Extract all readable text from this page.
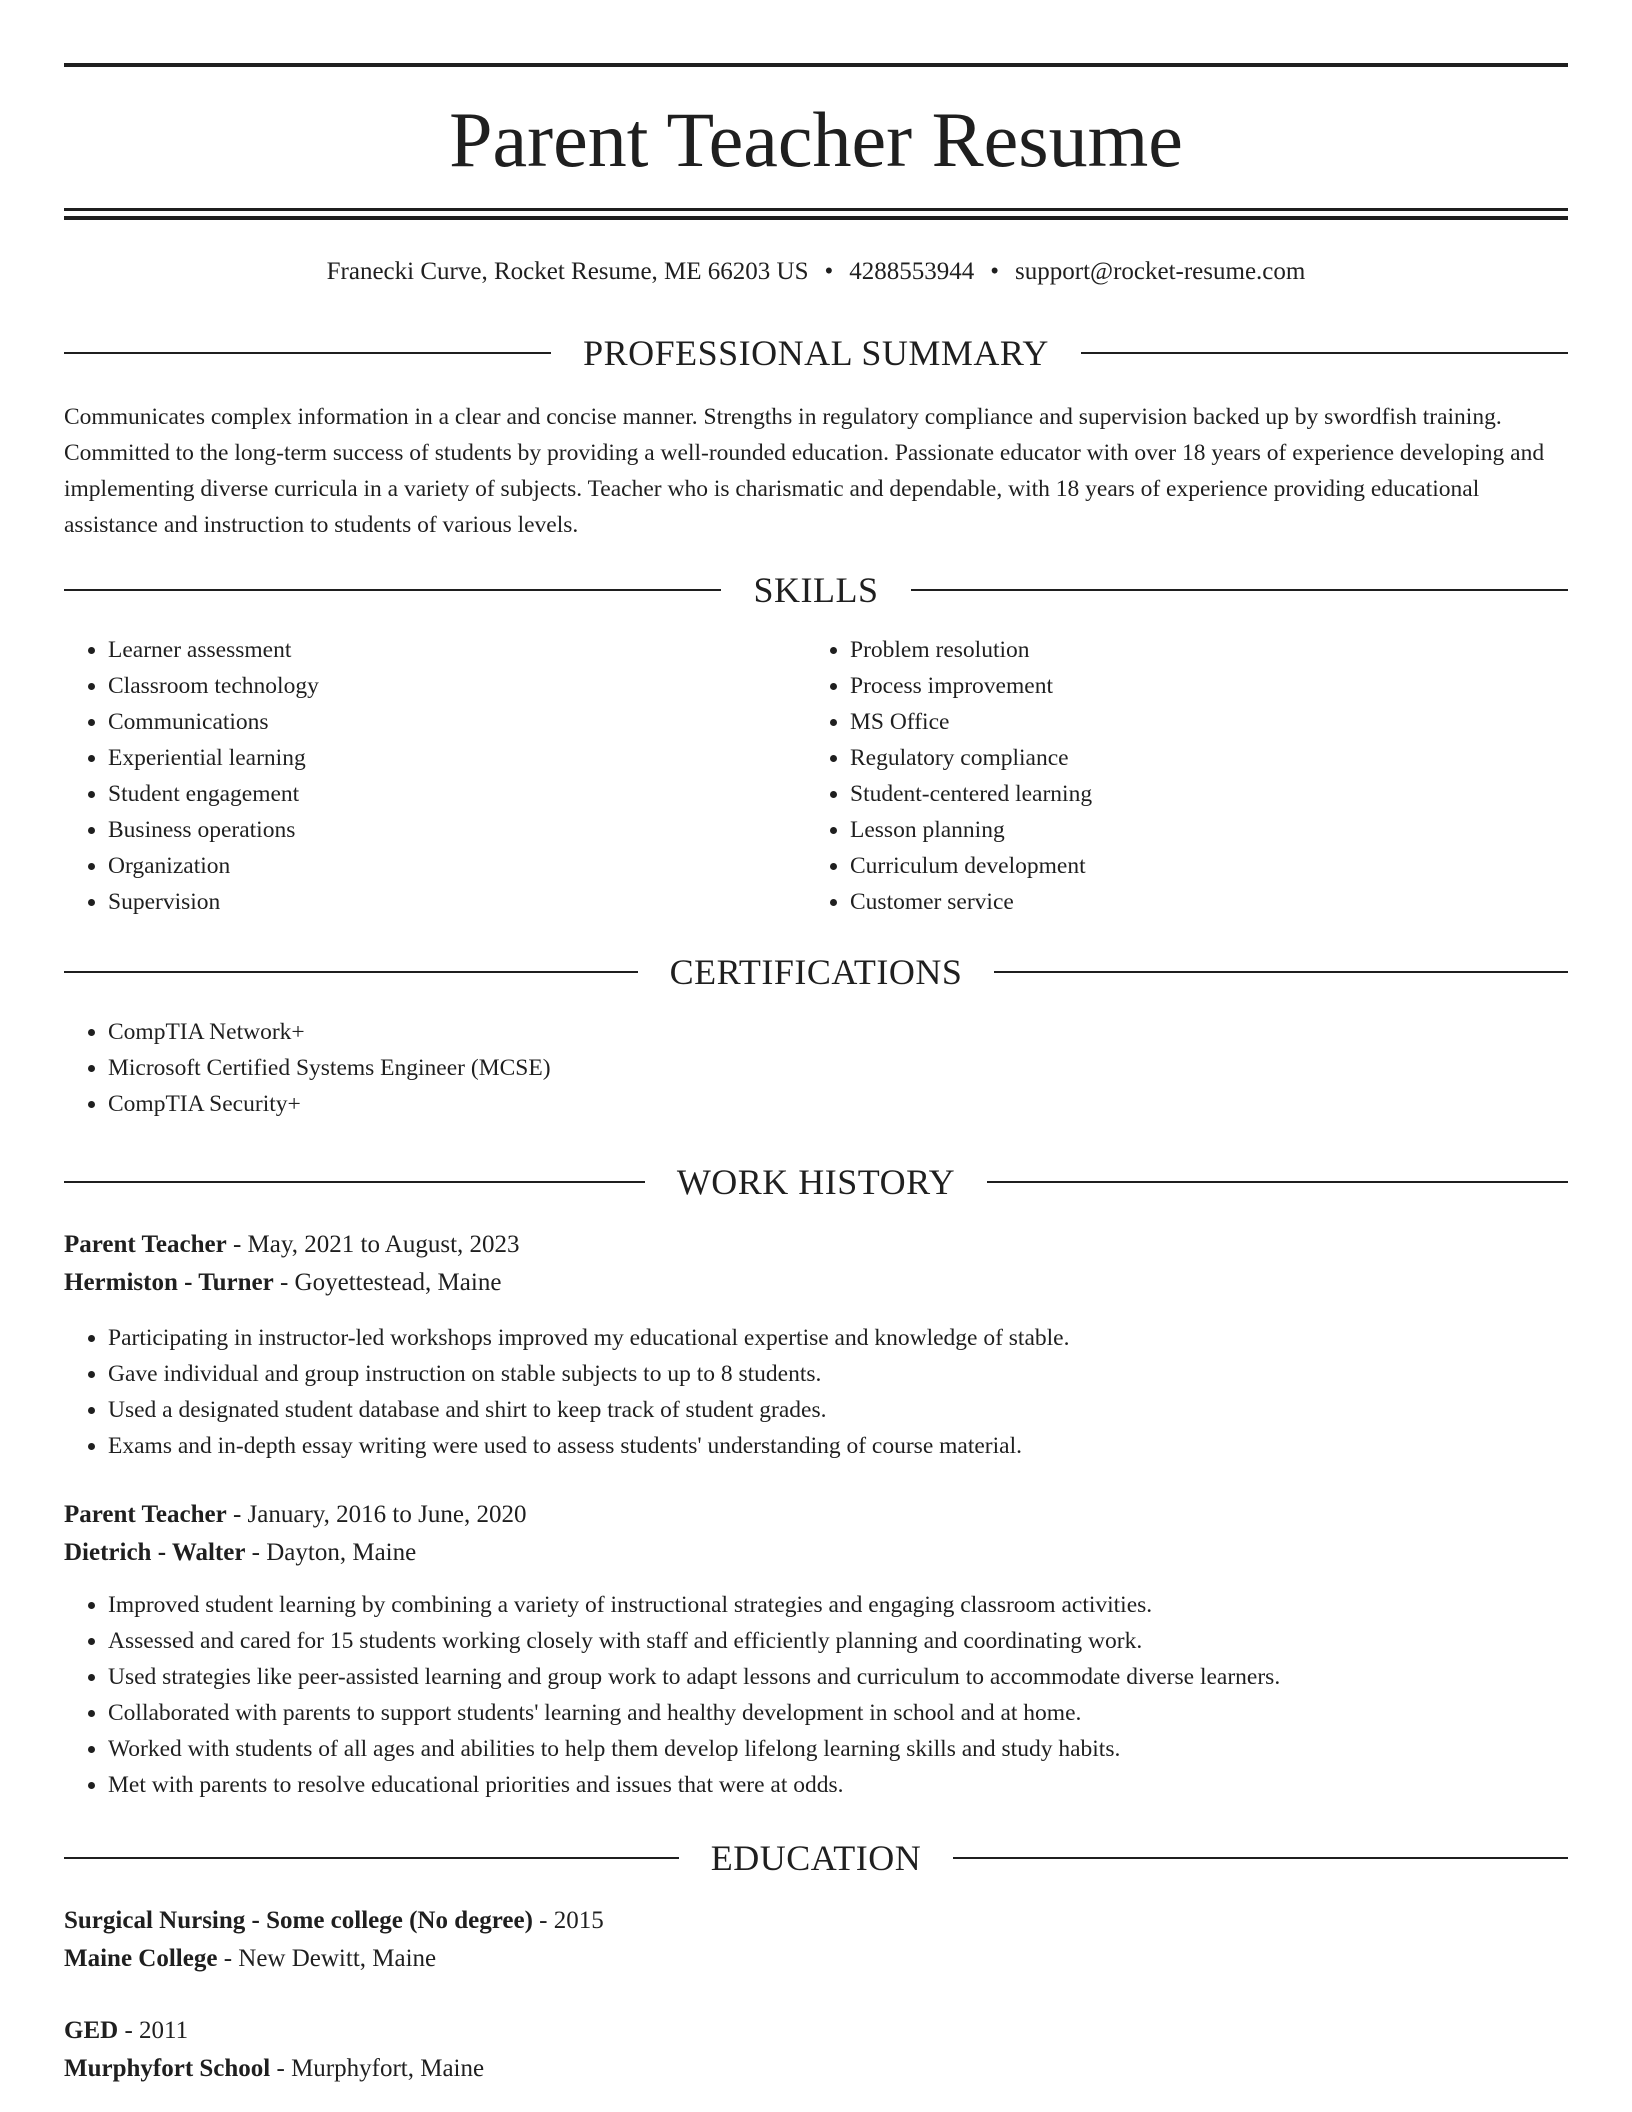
Parent Teacher Resume
Franecki Curve, Rocket Resume, ME 66203 US • 4288553944 • support@rocket-resume.com
PROFESSIONAL SUMMARY

Communicates complex information in a clear and concise manner. Strengths in regulatory compliance and supervision backed up by swordfish training. Committed to the long-term success of students by providing a well-rounded education. Passionate educator with over 18 years of experience developing and implementing diverse curricula in a variety of subjects. Teacher who is charismatic and dependable, with 18 years of experience providing educational assistance and instruction to students of various levels.

SKILLS
• Learner assessment
• Classroom technology
• Communications
• Experiential learning
• Student engagement
• Business operations
• Organization
• Supervision
• Problem resolution
• Process improvement
• MS Office
• Regulatory compliance
• Student-centered learning
• Lesson planning
• Curriculum development
• Customer service
CERTIFICATIONS
• CompTIA Network+
• Microsoft Certified Systems Engineer (MCSE)
• CompTIA Security+
WORK HISTORY
Parent Teacher - May, 2021 to August, 2023
Hermiston - Turner - Goyettestead, Maine
• Participating in instructor-led workshops improved my educational expertise and knowledge of stable.
• Gave individual and group instruction on stable subjects to up to 8 students.
• Used a designated student database and shirt to keep track of student grades.
• Exams and in-depth essay writing were used to assess students' understanding of course material.
Parent Teacher - January, 2016 to June, 2020
Dietrich - Walter - Dayton, Maine
• Improved student learning by combining a variety of instructional strategies and engaging classroom activities.
• Assessed and cared for 15 students working closely with staff and efficiently planning and coordinating work.
• Used strategies like peer-assisted learning and group work to adapt lessons and curriculum to accommodate diverse learners.
• Collaborated with parents to support students' learning and healthy development in school and at home.
• Worked with students of all ages and abilities to help them develop lifelong learning skills and study habits.
• Met with parents to resolve educational priorities and issues that were at odds.
EDUCATION
Surgical Nursing - Some college (No degree) - 2015
Maine College - New Dewitt, Maine
GED - 2011
Murphyfort School - Murphyfort, Maine
